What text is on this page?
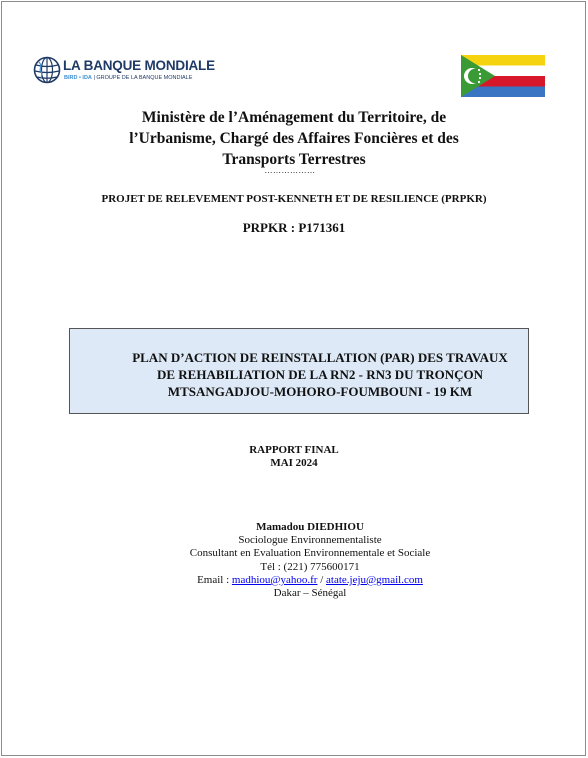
LA BANQUE MONDIALE
BIRD • IDA | GROUPE DE LA BANQUE MONDIALE
Ministère de l’Aménagement du Territoire, de
l’Urbanisme, Chargé des Affaires Foncières et des
Transports Terrestres
………………
PROJET DE RELEVEMENT POST-KENNETH ET DE RESILIENCE (PRPKR)
PRPKR : P171361
PLAN D’ACTION DE REINSTALLATION (PAR) DES TRAVAUX
DE REHABILIATION DE LA RN2 - RN3 DU TRONÇON
MTSANGADJOU-MOHORO-FOUMBOUNI - 19 KM
RAPPORT FINAL
MAI 2024
Mamadou DIEDHIOU
Sociologue Environnementaliste
Consultant en Evaluation Environnementale et Sociale
Tél : (221) 775600171
Email : madhiou@yahoo.fr / atate.jeju@gmail.com
Dakar – Sénégal
